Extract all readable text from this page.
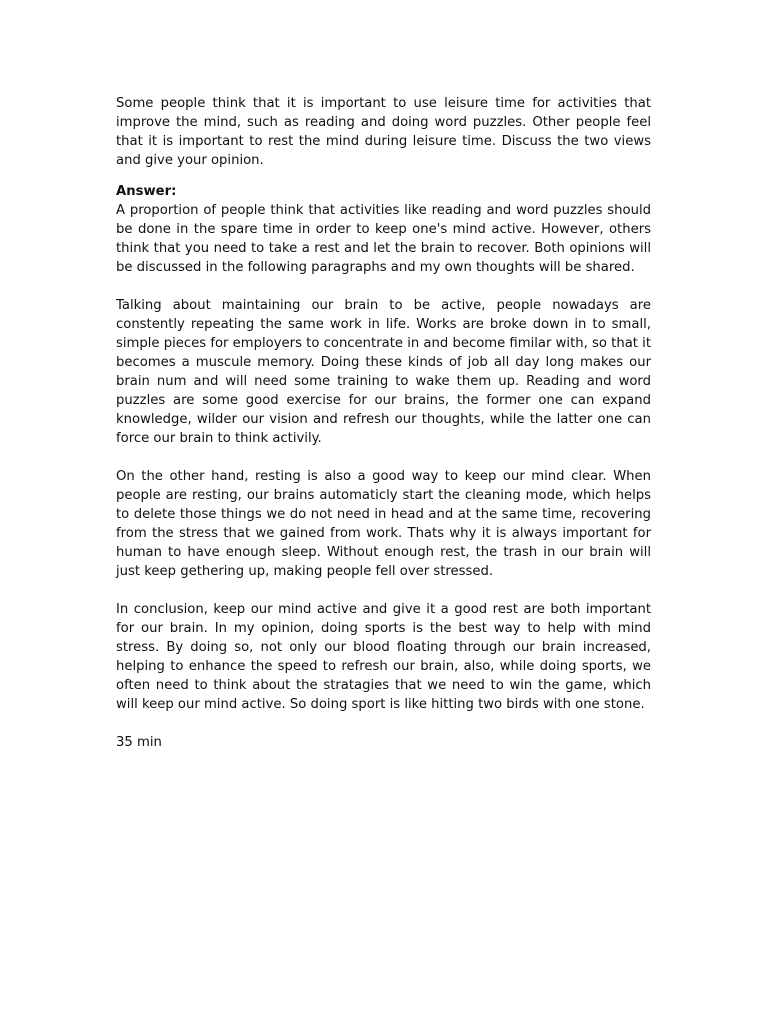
Some people think that it is important to use leisure time for activities that improve the mind, such as reading and doing word puzzles. Other people feel that it is important to rest the mind during leisure time. Discuss the two views and give your opinion.

Answer:

A proportion of people think that activities like reading and word puzzles should be done in the spare time in order to keep one's mind active. However, others think that you need to take a rest and let the brain to recover. Both opinions will be discussed in the following paragraphs and my own thoughts will be shared.

Talking about maintaining our brain to be active, people nowadays are constently repeating the same work in life. Works are broke down in to small, simple pieces for employers to concentrate in and become fimilar with, so that it becomes a muscule memory. Doing these kinds of job all day long makes our brain num and will need some training to wake them up. Reading and word puzzles are some good exercise for our brains, the former one can expand knowledge, wilder our vision and refresh our thoughts, while the latter one can force our brain to think activily.

On the other hand, resting is also a good way to keep our mind clear. When people are resting, our brains automaticly start the cleaning mode, which helps to delete those things we do not need in head and at the same time, recovering from the stress that we gained from work. Thats why it is always important for human to have enough sleep. Without enough rest, the trash in our brain will just keep gethering up, making people fell over stressed.

In conclusion, keep our mind active and give it a good rest are both important for our brain. In my opinion, doing sports is the best way to help with mind stress. By doing so, not only our blood floating through our brain increased, helping to enhance the speed to refresh our brain, also, while doing sports, we often need to think about the stratagies that we need to win the game, which will keep our mind active. So doing sport is like hitting two birds with one stone.

35 min
